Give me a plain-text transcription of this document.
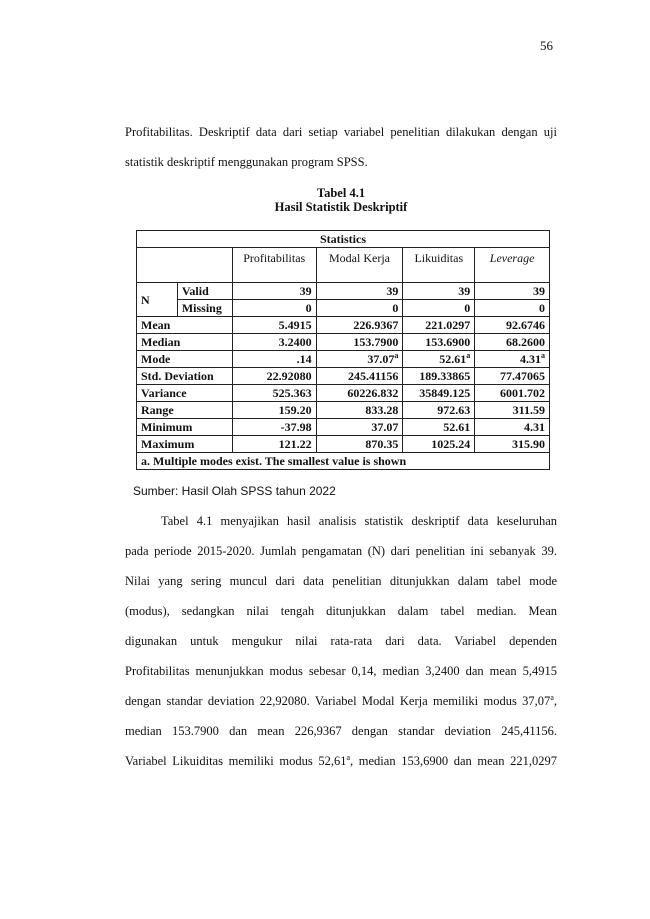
56
Profitabilitas. Deskriptif data dari setiap variabel penelitian dilakukan dengan uji
statistik deskriptif menggunakan program SPSS.
Tabel 4.1
Hasil Statistik Deskriptif
Statistics					
		Profitabilitas	Modal Kerja	Likuiditas	Leverage
N	Valid	39	39	39	39
	Missing	0	0	0	0
Mean		5.4915	226.9367	221.0297	92.6746
Median		3.2400	153.7900	153.6900	68.2600
Mode		.14	37.07$^a$	52.61$^a$	4.31$^a$
Std. Deviation		22.92080	245.41156	189.33865	77.47065
Variance		525.363	60226.832	35849.125	6001.702
Range		159.20	833.28	972.63	311.59
Minimum		-37.98	37.07	52.61	4.31
Maximum		121.22	870.35	1025.24	315.90
a. Multiple modes exist. The smallest value is shown					
Sumber: Hasil Olah SPSS tahun 2022
Tabel 4.1 menyajikan hasil analisis statistik deskriptif data keseluruhan
pada periode 2015-2020. Jumlah pengamatan (N) dari penelitian ini sebanyak 39.
Nilai yang sering muncul dari data penelitian ditunjukkan dalam tabel mode
(modus), sedangkan nilai tengah ditunjukkan dalam tabel median. Mean
digunakan untuk mengukur nilai rata-rata dari data. Variabel dependen
Profitabilitas menunjukkan modus sebesar 0,14, median 3,2400 dan mean 5,4915
dengan standar deviation 22,92080. Variabel Modal Kerja memiliki modus 37,07$^a$,
median 153.7900 dan mean 226,9367 dengan standar deviation 245,41156.
Variabel Likuiditas memiliki modus 52,61$^a$, median 153,6900 dan mean 221,0297
